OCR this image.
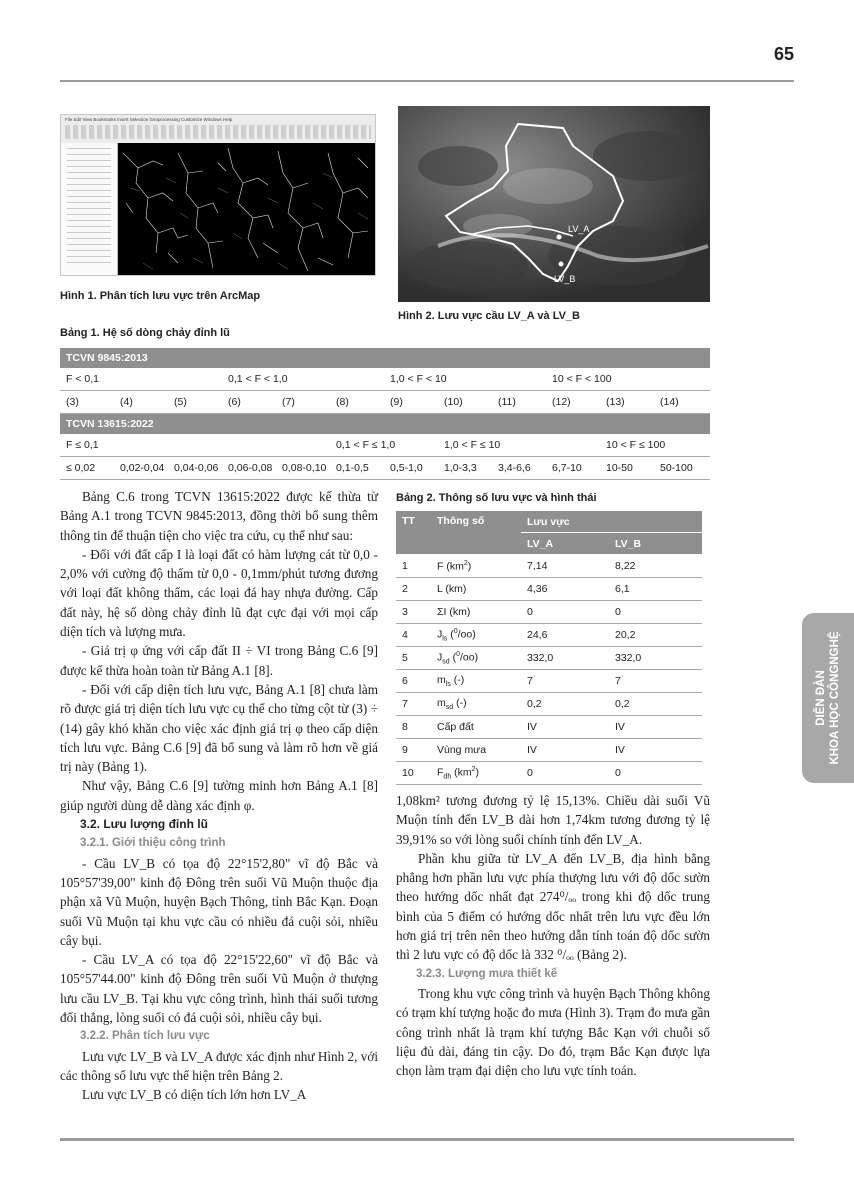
65
File Edit View Bookmarks Insert Selection Geoprocessing Customize Windows Help
Hình 1. Phân tích lưu vực trên ArcMap
LV_A
LV_B
Hình 2. Lưu vực cầu LV_A và LV_B
Bảng 1. Hệ số dòng chảy đỉnh lũ
TCVN 9845:2013											
F < 0,1			0,1 < F < 1,0			1,0 < F < 10			10 < F < 100		
(3)	(4)	(5)	(6)	(7)	(8)	(9)	(10)	(11)	(12)	(13)	(14)
TCVN 13615:2022											
F ≤ 0,1					0,1 < F ≤ 1,0		1,0 < F ≤ 10			10 < F ≤ 100	
≤ 0,02	0,02-0,04	0,04-0,06	0,06-0,08	0,08-0,10	0,1-0,5	0,5-1,0	1,0-3,3	3,4-6,6	6,7-10	10-50	50-100

Bảng C.6 trong TCVN 13615:2022 được kế thừa từ Bảng A.1 trong TCVN 9845:2013, đồng thời bổ sung thêm thông tin để thuận tiện cho việc tra cứu, cụ thể như sau:

- Đối với đất cấp I là loại đất có hàm lượng cát từ 0,0 - 2,0% với cường độ thấm từ 0,0 - 0,1mm/phút tương đương với loại đất không thấm, các loại đá hay nhựa đường. Cấp đất này, hệ số dòng chảy đỉnh lũ đạt cực đại với mọi cấp diện tích và lượng mưa.

- Giá trị φ ứng với cấp đất II ÷ VI trong Bảng C.6 [9] được kế thừa hoàn toàn từ Bảng A.1 [8].

- Đối với cấp diện tích lưu vực, Bảng A.1 [8] chưa làm rõ được giá trị diện tích lưu vực cụ thể cho từng cột từ (3) ÷ (14) gây khó khăn cho việc xác định giá trị φ theo cấp diện tích lưu vực. Bảng C.6 [9] đã bổ sung và làm rõ hơn về giá trị này (Bảng 1).

Như vậy, Bảng C.6 [9] tường minh hơn Bảng A.1 [8] giúp người dùng dễ dàng xác định φ.

3.2. Lưu lượng đỉnh lũ

3.2.1. Giới thiệu công trình

- Cầu LV_B có tọa độ 22°15'2,80" vĩ độ Bắc và 105°57'39,00" kinh độ Đông trên suối Vũ Muộn thuộc địa phận xã Vũ Muộn, huyện Bạch Thông, tỉnh Bắc Kạn. Đoạn suối Vũ Muộn tại khu vực cầu có nhiều đá cuội sỏi, nhiều cây bụi.

- Cầu LV_A có tọa độ 22°15'22,60" vĩ độ Bắc và 105°57'44.00" kinh độ Đông trên suối Vũ Muộn ở thượng lưu cầu LV_B. Tại khu vực công trình, hình thái suối tương đối thẳng, lòng suối có đá cuội sỏi, nhiều cây bụi.

3.2.2. Phân tích lưu vực

Lưu vực LV_B và LV_A được xác định như Hình 2, với các thông số lưu vực thể hiện trên Bảng 2.

Lưu vực LV_B có diện tích lớn hơn LV_A

Bảng 2. Thông số lưu vực và hình thái
TT	Thông số	Lưu vực	
		LV_A	LV_B
1	F $(km^2)$	7,14	8,22
2	L (km)	4,36	6,1
3	ΣI (km)	0	0
4	$J_{ls}$ ($^0$/oo)	24,6	20,2
5	$J_{sd}$ ($^0$/oo)	332,0	332,0
6	$m_{ls}$ (-)	7	7
7	$m_{sd}$ (-)	0,2	0,2
8	Cấp đất	IV	IV
9	Vùng mưa	IV	IV
10	$F_{dh}$ $(km^2)$	0	0

1,08km² tương đương tỷ lệ 15,13%. Chiều dài suối Vũ Muộn tính đến LV_B dài hơn 1,74km tương đương tỷ lệ 39,91% so với lòng suối chính tính đến LV_A.

Phần khu giữa từ LV_A đến LV_B, địa hình bằng phẳng hơn phần lưu vực phía thượng lưu với độ dốc sườn theo hướng dốc nhất đạt 274⁰/ₒₒ trong khi độ dốc trung bình của 5 điểm có hướng dốc nhất trên lưu vực đều lớn hơn giá trị trên nên theo hướng dẫn tính toán độ dốc sườn thì 2 lưu vực có độ dốc là 332 ⁰/ₒₒ (Bảng 2).

3.2.3. Lượng mưa thiết kế

Trong khu vực công trình và huyện Bạch Thông không có trạm khí tượng hoặc đo mưa (Hình 3). Trạm đo mưa gần công trình nhất là trạm khí tượng Bắc Kạn với chuỗi số liệu đủ dài, đáng tin cậy. Do đó, trạm Bắc Kạn được lựa chọn làm trạm đại diện cho lưu vực tính toán.

DIỄN ĐÀN KHOA HỌC CÔNGNGHỆ
